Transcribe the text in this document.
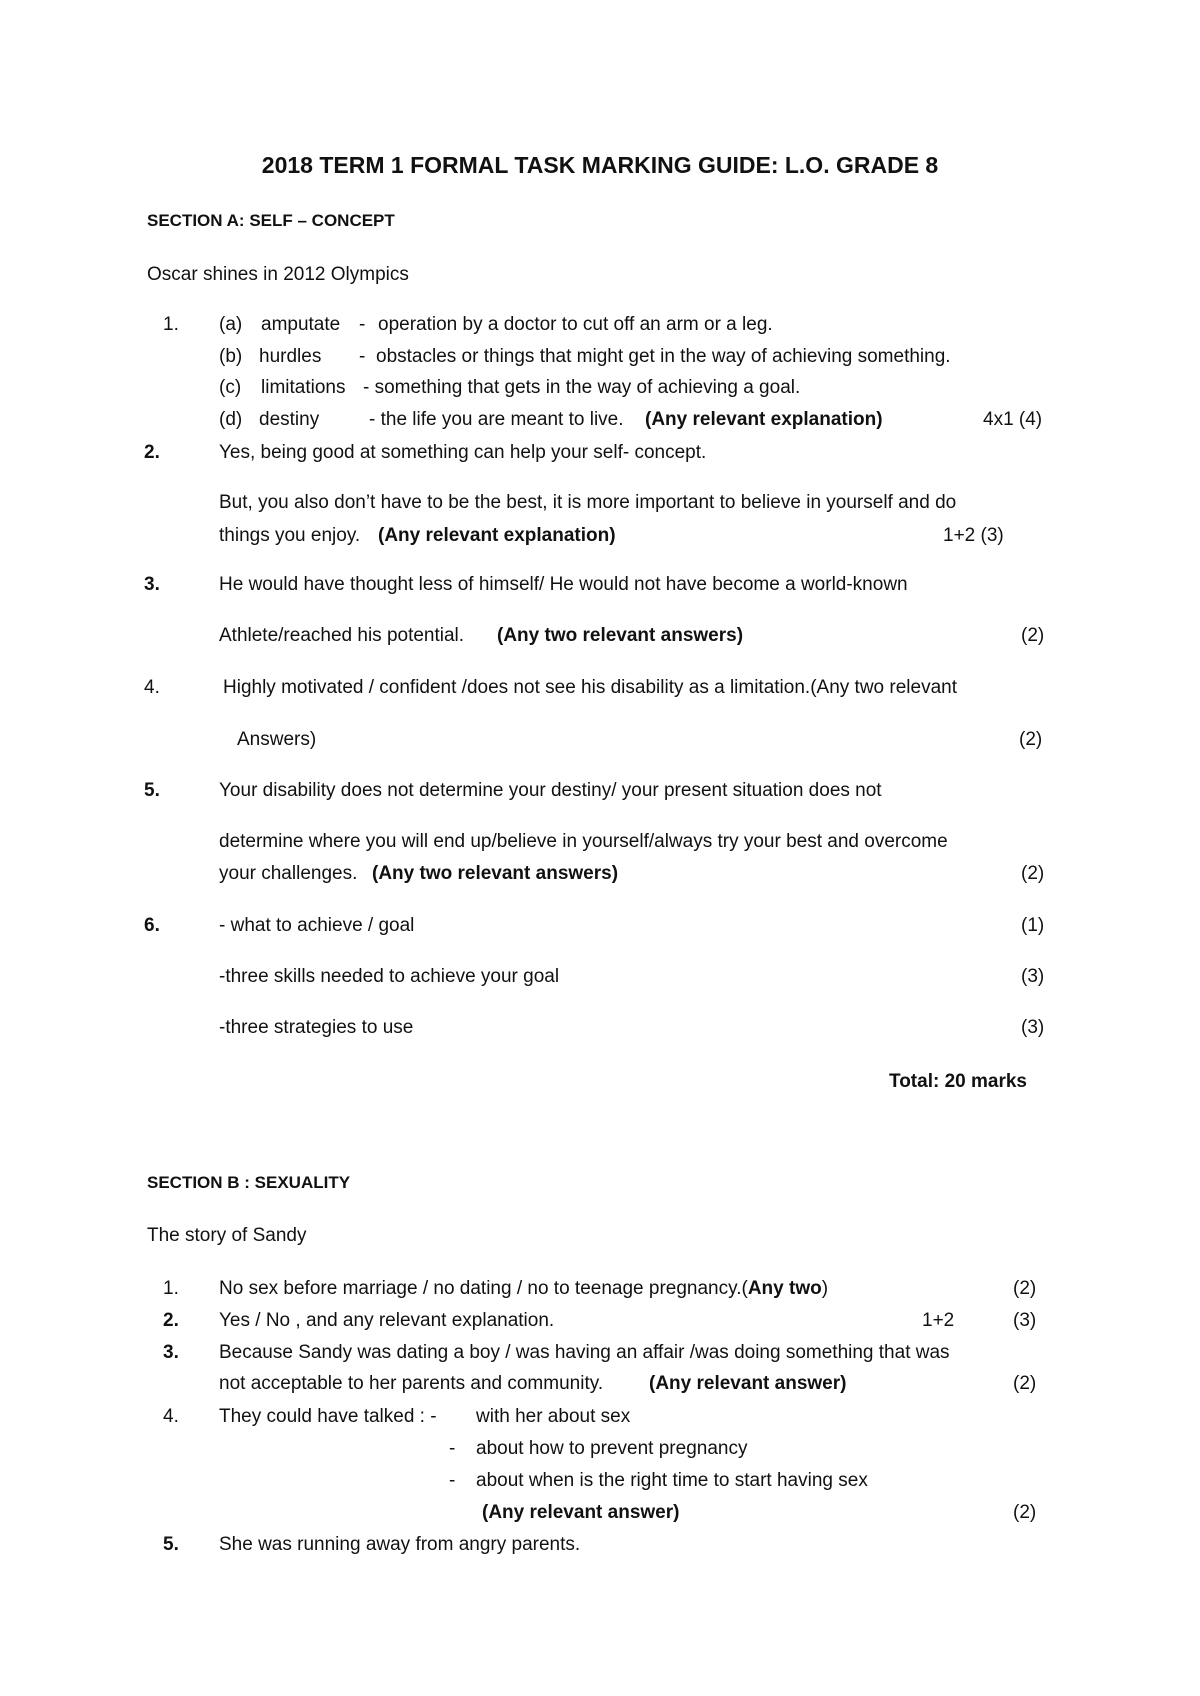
2018 TERM 1 FORMAL TASK MARKING GUIDE: L.O. GRADE 8
SECTION A: SELF – CONCEPT
Oscar shines in 2012 Olympics
1. (a) amputate - operation by a doctor to cut off an arm or a leg.
(b) hurdles - obstacles or things that might get in the way of achieving something.
(c) limitations - something that gets in the way of achieving a goal.
(d) destiny	- the life you are meant to live. (Any relevant explanation)	4x1 (4)
2.	Yes, being good at something can help your self- concept.
But, you also don’t have to be the best, it is more important to believe in yourself and do
things you enjoy. (Any relevant explanation)	1+2 (3)
3.	He would have thought less of himself/ He would not have become a world-known
Athlete/reached his potential. (Any two relevant answers)	(2)
4.	Highly motivated / confident /does not see his disability as a limitation.(Any two relevant
Answers)	(2)
5.	Your disability does not determine your destiny/ your present situation does not
determine where you will end up/believe in yourself/always try your best and overcome
your challenges. (Any two relevant answers)	(2)
6.	- what to achieve / goal	(1)
-three skills needed to achieve your goal	(3)
-three strategies to use	(3)
Total: 20 marks
SECTION B : SEXUALITY
The story of Sandy
1. No sex before marriage / no dating / no to teenage pregnancy.(Any two)	(2)
2. Yes / No , and any relevant explanation.	1+2	(3)
3. Because Sandy was dating a boy / was having an affair /was doing something that was
not acceptable to her parents and community. (Any relevant answer)	(2)
4. They could have talked : - with her about sex
- about how to prevent pregnancy
- about when is the right time to start having sex
(Any relevant answer)	(2)
5. She was running away from angry parents.
